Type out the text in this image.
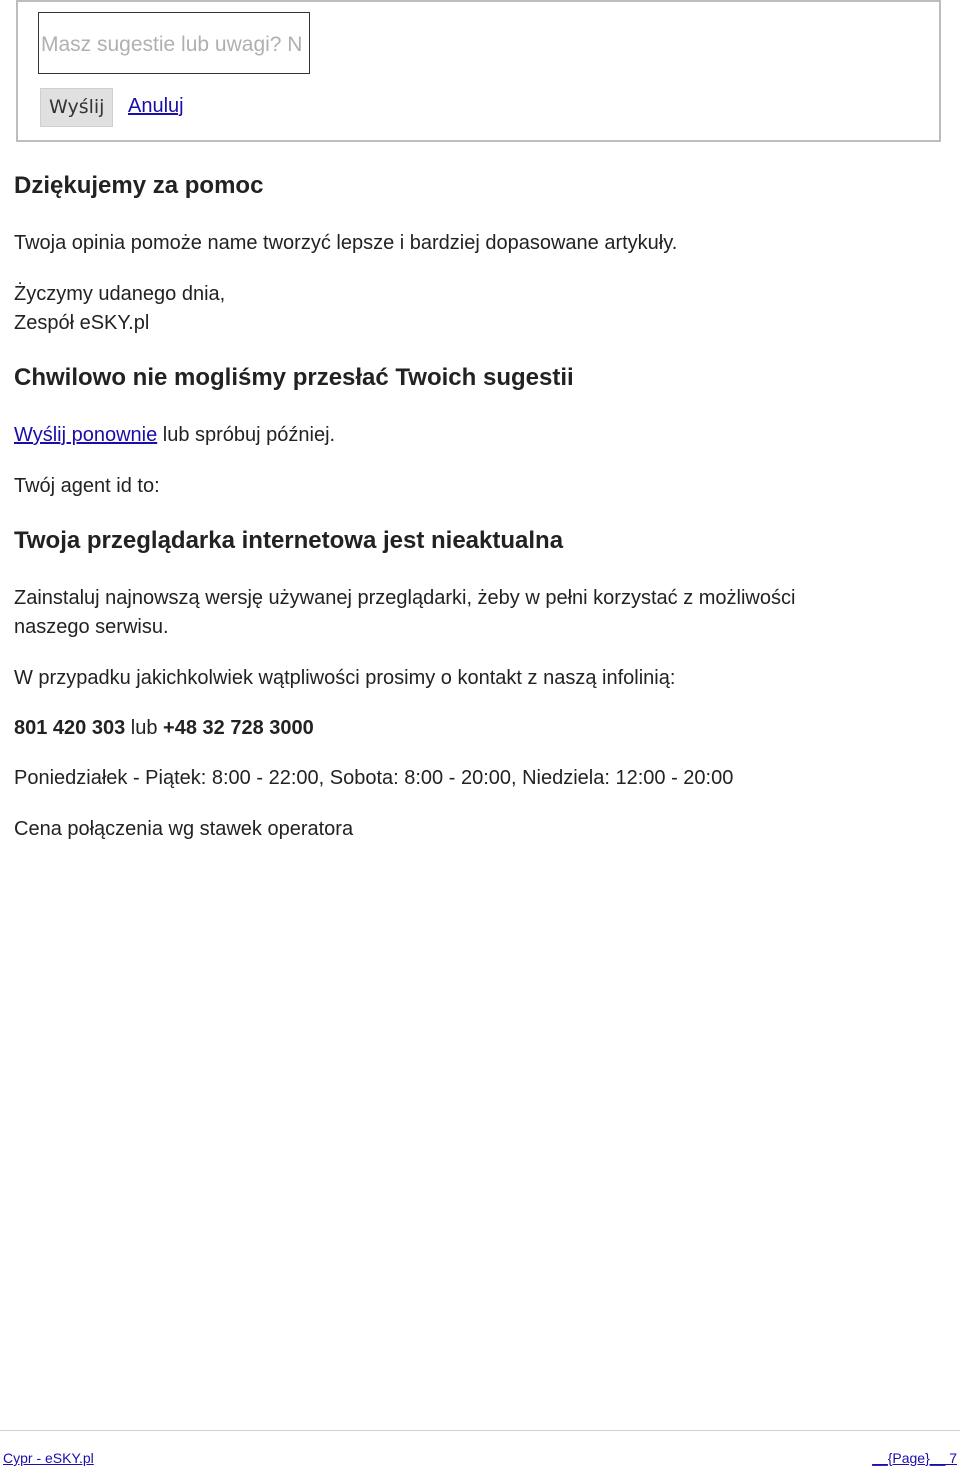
Masz sugestie lub uwagi? N
Wyślij	Anuluj
Dziękujemy za pomoc
Twoja opinia pomoże name tworzyć lepsze i bardziej dopasowane artykuły.
Życzymy udanego dnia,
Zespół eSKY.pl
Chwilowo nie mogliśmy przesłać Twoich sugestii
Wyślij ponownie lub spróbuj później.
Twój agent id to:
Twoja przeglądarka internetowa jest nieaktualna
Zainstaluj najnowszą wersję używanej przeglądarki, żeby w pełni korzystać z możliwości
naszego serwisu.
W przypadku jakichkolwiek wątpliwości prosimy o kontakt z naszą infolinią:
801 420 303 lub +48 32 728 3000
Poniedziałek - Piątek: 8:00 - 22:00, Sobota: 8:00 - 20:00, Niedziela: 12:00 - 20:00
Cena połączenia wg stawek operatora
Cypr - eSKY.pl	__{Page}__ 7
